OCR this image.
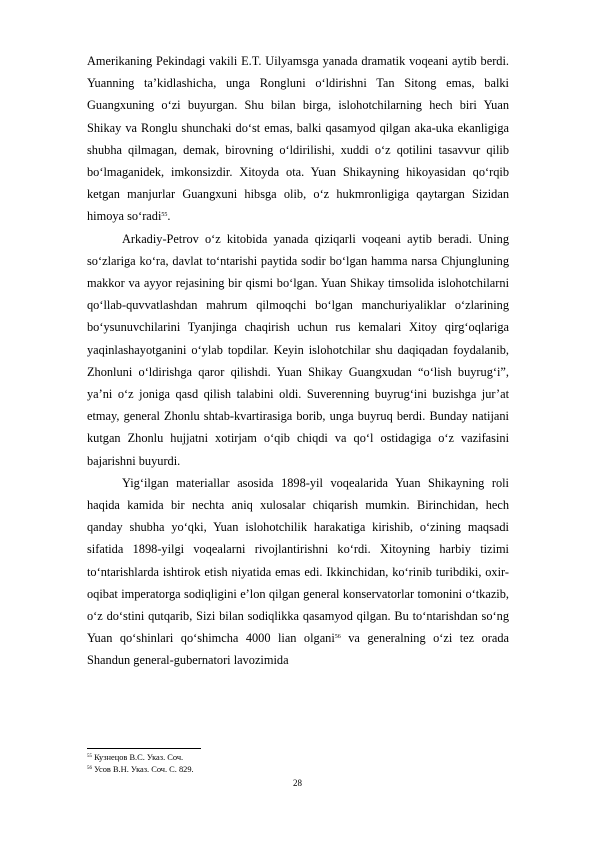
Amerikaning Pekindagi vakili E.T. Uilyamsga yanada dramatik voqeani aytib berdi. Yuanning ta’kidlashicha, unga Rongluni o‘ldirishni Tan Sitong emas, balki Guangxuning o‘zi buyurgan. Shu bilan birga, islohotchilarning hech biri Yuan Shikay va Ronglu shunchaki do‘st emas, balki qasamyod qilgan aka-uka ekanligiga shubha qilmagan, demak, birovning o‘ldirilishi, xuddi o‘z qotilini tasavvur qilib bo‘lmaganidek, imkonsizdir. Xitoyda ota. Yuan Shikayning hikoyasidan qo‘rqib ketgan manjurlar Guangxuni hibsga olib, o‘z hukmronligiga qaytargan Sizidan himoya so‘radi$^{55}$.

Arkadiy-Petrov o‘z kitobida yanada qiziqarli voqeani aytib beradi. Uning so‘zlariga ko‘ra, davlat to‘ntarishi paytida sodir bo‘lgan hamma narsa Chjungluning makkor va ayyor rejasining bir qismi bo‘lgan. Yuan Shikay timsolida islohotchilarni qo‘llab-quvvatlashdan mahrum qilmoqchi bo‘lgan manchuriyaliklar o‘zlarining bo‘ysunuvchilarini Tyanjinga chaqirish uchun rus kemalari Xitoy qirg‘oqlariga yaqinlashayotganini o‘ylab topdilar. Keyin islohotchilar shu daqiqadan foydalanib, Zhonluni o‘ldirishga qaror qilishdi. Yuan Shikay Guangxudan “o‘lish buyrug‘i”, ya’ni o‘z joniga qasd qilish talabini oldi. Suverenning buyrug‘ini buzishga jur’at etmay, general Zhonlu shtab-kvartirasiga borib, unga buyruq berdi. Bunday natijani kutgan Zhonlu hujjatni xotirjam o‘qib chiqdi va qo‘l ostidagiga o‘z vazifasini bajarishni buyurdi.

Yig‘ilgan materiallar asosida 1898-yil voqealarida Yuan Shikayning roli haqida kamida bir nechta aniq xulosalar chiqarish mumkin. Birinchidan, hech qanday shubha yo‘qki, Yuan islohotchilik harakatiga kirishib, o‘zining maqsadi sifatida 1898-yilgi voqealarni rivojlantirishni ko‘rdi. Xitoyning harbiy tizimi to‘ntarishlarda ishtirok etish niyatida emas edi. Ikkinchidan, ko‘rinib turibdiki, oxir-oqibat imperatorga sodiqligini e’lon qilgan general konservatorlar tomonini o‘tkazib, o‘z do‘stini qutqarib, Sizi bilan sodiqlikka qasamyod qilgan. Bu to‘ntarishdan so‘ng Yuan qo‘shinlari qo‘shimcha 4000 lian olgani$^{56}$ va generalning o‘zi tez orada Shandun general-gubernatori lavozimida

$^{55}$ Кузнецов В.С. Указ. Соч.
$^{56}$ Усов В.Н. Указ. Соч. С. 829.
28
